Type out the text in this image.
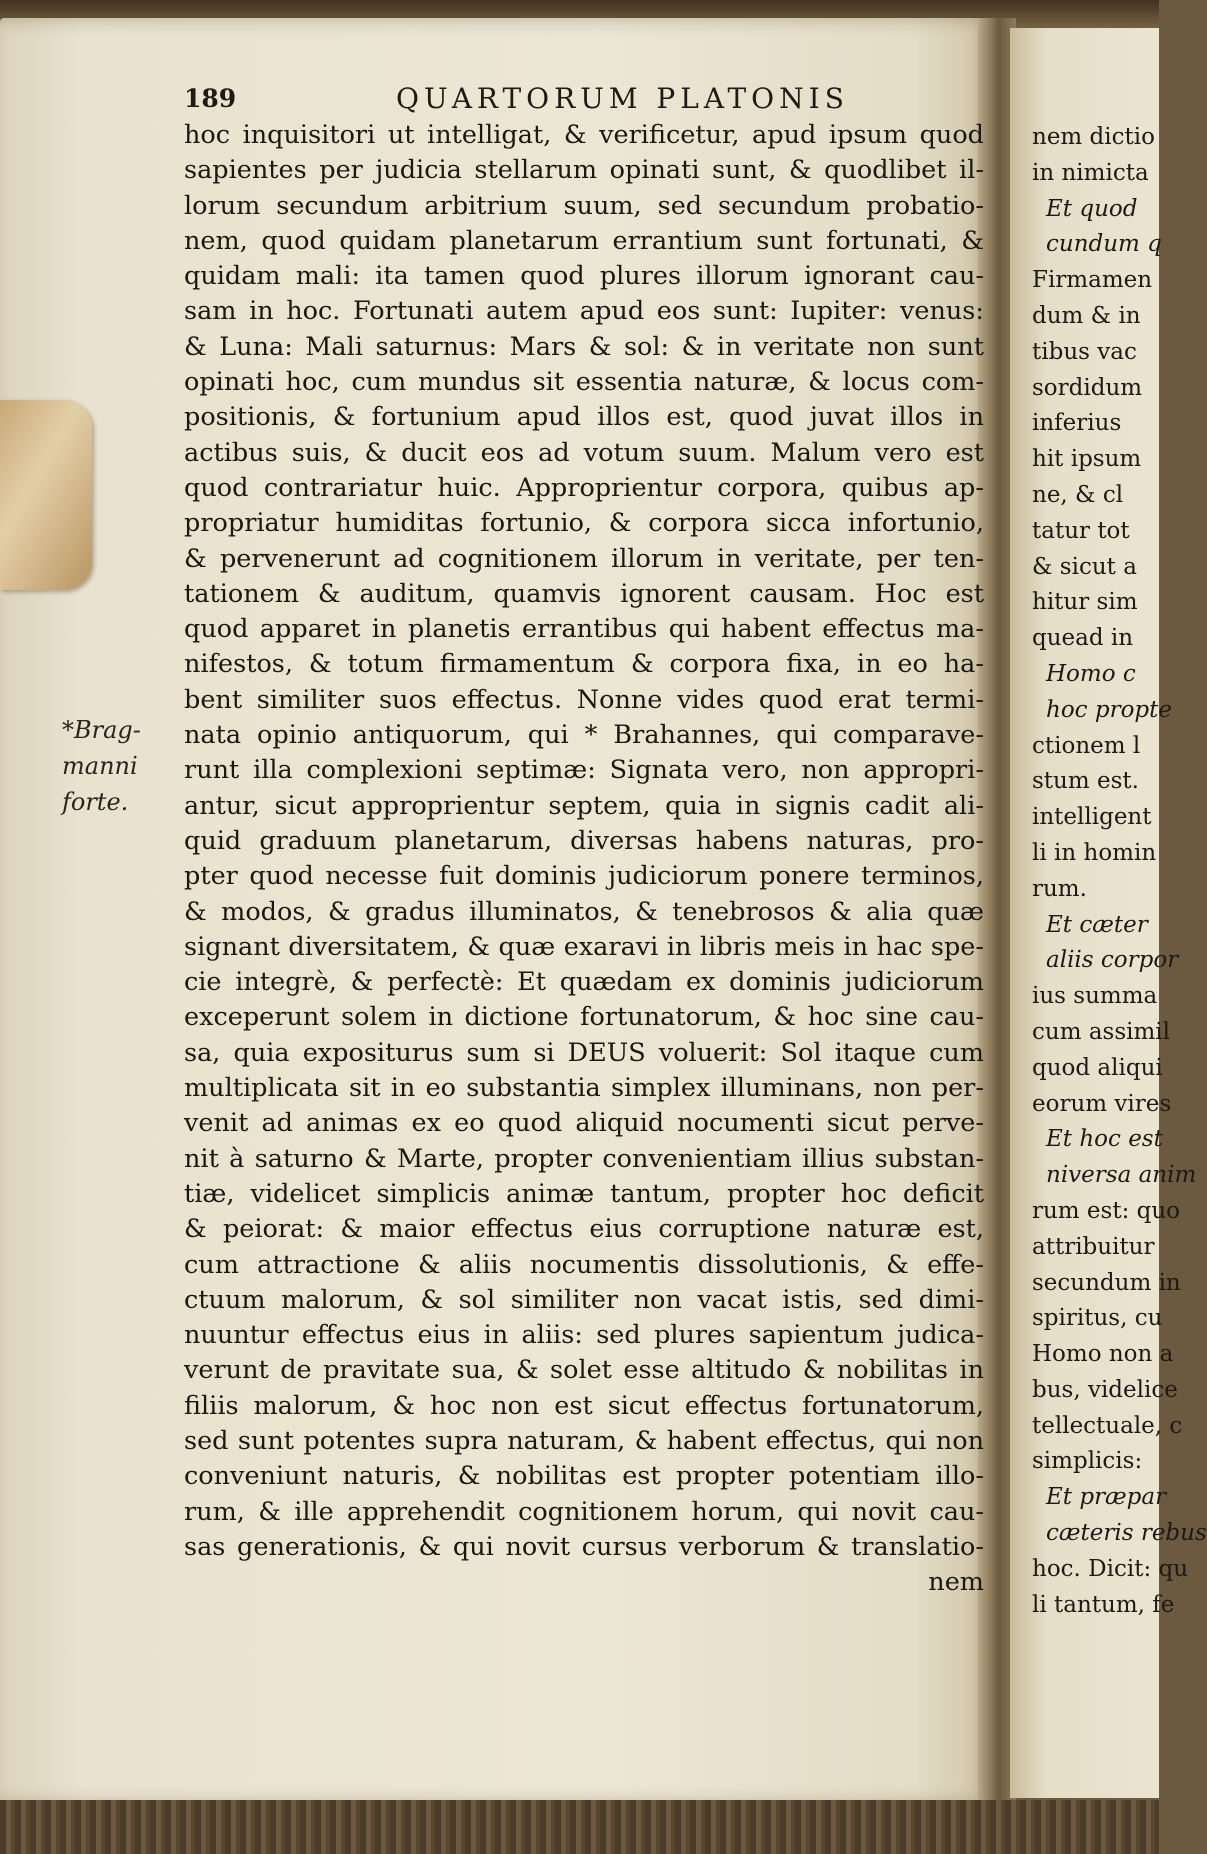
nem dictio
in nimicta
Et quod
cundum q
Firmamen
dum & in
tibus vac
sordidum
inferius
hit ipsum
ne, & cl
tatur tot
& sicut a
hitur sim
quead in
Homo c
hoc propte
ctionem l
stum est.
intelligent
li in homin
rum.
Et cæter
aliis corpor
ius summa
cum assimil
quod aliqui
eorum vires
Et hoc est
niversa anim
rum est: quo
attribuitur
secundum in
spiritus, cu
Homo non a
bus, videlice
tellectuale, c
simplicis:
Et præpar
cæteris rebus
hoc. Dicit: qu
li tantum, fe
189	QUARTORUM PLATONIS
*Brag-
manni
forte.
hoc inquisitori ut intelligat, & verificetur, apud ipsum quod
sapientes per judicia stellarum opinati sunt, & quodlibet il-
lorum secundum arbitrium suum, sed secundum probatio-
nem, quod quidam planetarum errantium sunt fortunati, &
quidam mali: ita tamen quod plures illorum ignorant cau-
sam in hoc. Fortunati autem apud eos sunt: Iupiter: venus:
& Luna: Mali saturnus: Mars & sol: & in veritate non sunt
opinati hoc, cum mundus sit essentia naturæ, & locus com-
positionis, & fortunium apud illos est, quod juvat illos in
actibus suis, & ducit eos ad votum suum. Malum vero est
quod contrariatur huic. Approprientur corpora, quibus ap-
propriatur humiditas fortunio, & corpora sicca infortunio,
& pervenerunt ad cognitionem illorum in veritate, per ten-
tationem & auditum, quamvis ignorent causam. Hoc est
quod apparet in planetis errantibus qui habent effectus ma-
nifestos, & totum firmamentum & corpora fixa, in eo ha-
bent similiter suos effectus. Nonne vides quod erat termi-
nata opinio antiquorum, qui * Brahannes, qui comparave-
runt illa complexioni septimæ: Signata vero, non appropri-
antur, sicut approprientur septem, quia in signis cadit ali-
quid graduum planetarum, diversas habens naturas, pro-
pter quod necesse fuit dominis judiciorum ponere terminos,
& modos, & gradus illuminatos, & tenebrosos & alia quæ
signant diversitatem, & quæ exaravi in libris meis in hac spe-
cie integrè, & perfectè: Et quædam ex dominis judiciorum
exceperunt solem in dictione fortunatorum, & hoc sine cau-
sa, quia expositurus sum si DEUS voluerit: Sol itaque cum
multiplicata sit in eo substantia simplex illuminans, non per-
venit ad animas ex eo quod aliquid nocumenti sicut perve-
nit à saturno & Marte, propter convenientiam illius substan-
tiæ, videlicet simplicis animæ tantum, propter hoc deficit
& peiorat: & maior effectus eius corruptione naturæ est,
cum attractione & aliis nocumentis dissolutionis, & effe-
ctuum malorum, & sol similiter non vacat istis, sed dimi-
nuuntur effectus eius in aliis: sed plures sapientum judica-
verunt de pravitate sua, & solet esse altitudo & nobilitas in
filiis malorum, & hoc non est sicut effectus fortunatorum,
sed sunt potentes supra naturam, & habent effectus, qui non
conveniunt naturis, & nobilitas est propter potentiam illo-
rum, & ille apprehendit cognitionem horum, qui novit cau-
sas generationis, & qui novit cursus verborum & translatio-
nem
